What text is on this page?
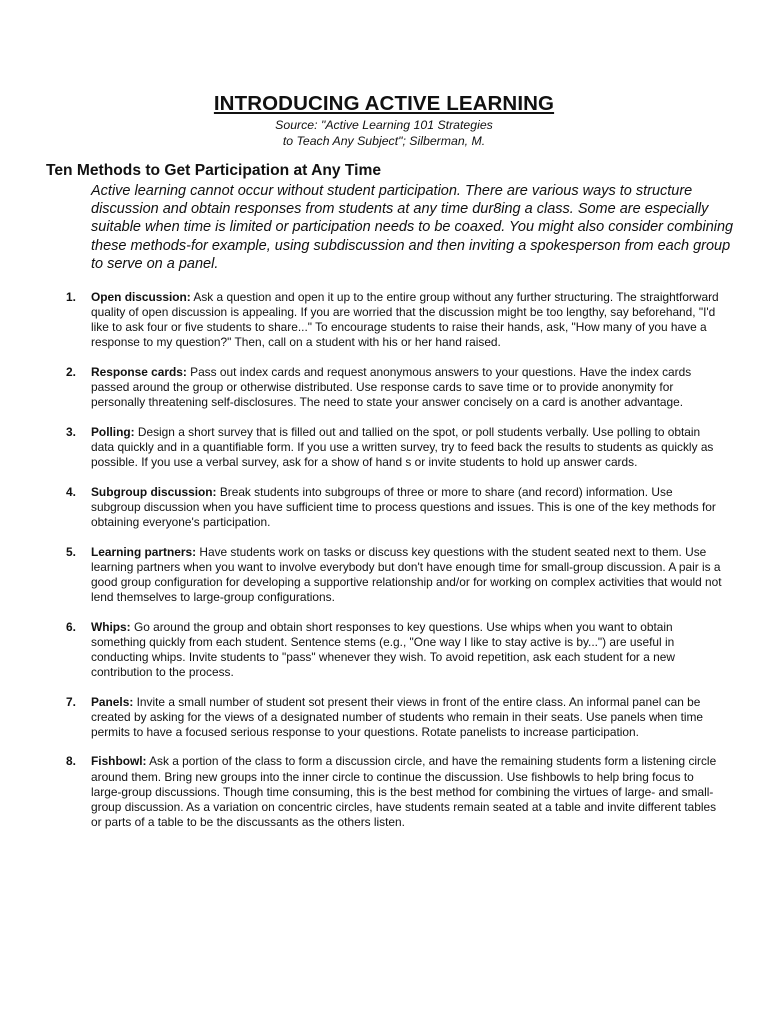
INTRODUCING ACTIVE LEARNING
Source: "Active Learning 101 Strategies
to Teach Any Subject"; Silberman, M.
Ten Methods to Get Participation at Any Time
Active learning cannot occur without student participation. There are various ways to structure discussion and obtain responses from students at any time dur8ing a class. Some are especially suitable when time is limited or participation needs to be coaxed. You might also consider combining these methods-for example, using subdiscussion and then inviting a spokesperson from each group to serve on a panel.
1. Open discussion: Ask a question and open it up to the entire group without any further structuring. The straightforward quality of open discussion is appealing. If you are worried that the discussion might be too lengthy, say beforehand, "I'd like to ask four or five students to share..." To encourage students to raise their hands, ask, "How many of you have a response to my question?" Then, call on a student with his or her hand raised.
2. Response cards: Pass out index cards and request anonymous answers to your questions. Have the index cards passed around the group or otherwise distributed. Use response cards to save time or to provide anonymity for personally threatening self-disclosures. The need to state your answer concisely on a card is another advantage.
3. Polling: Design a short survey that is filled out and tallied on the spot, or poll students verbally. Use polling to obtain data quickly and in a quantifiable form. If you use a written survey, try to feed back the results to students as quickly as possible. If you use a verbal survey, ask for a show of hand s or invite students to hold up answer cards.
4. Subgroup discussion: Break students into subgroups of three or more to share (and record) information. Use subgroup discussion when you have sufficient time to process questions and issues. This is one of the key methods for obtaining everyone's participation.
5. Learning partners: Have students work on tasks or discuss key questions with the student seated next to them. Use learning partners when you want to involve everybody but don't have enough time for small-group discussion. A pair is a good group configuration for developing a supportive relationship and/or for working on complex activities that would not lend themselves to large-group configurations.
6. Whips: Go around the group and obtain short responses to key questions. Use whips when you want to obtain something quickly from each student. Sentence stems (e.g., "One way I like to stay active is by...") are useful in conducting whips. Invite students to "pass" whenever they wish. To avoid repetition, ask each student for a new contribution to the process.
7. Panels: Invite a small number of student sot present their views in front of the entire class. An informal panel can be created by asking for the views of a designated number of students who remain in their seats. Use panels when time permits to have a focused serious response to your questions. Rotate panelists to increase participation.
8. Fishbowl: Ask a portion of the class to form a discussion circle, and have the remaining students form a listening circle around them. Bring new groups into the inner circle to continue the discussion. Use fishbowls to help bring focus to large-group discussions. Though time consuming, this is the best method for combining the virtues of large- and small-group discussion. As a variation on concentric circles, have students remain seated at a table and invite different tables or parts of a table to be the discussants as the others listen.
